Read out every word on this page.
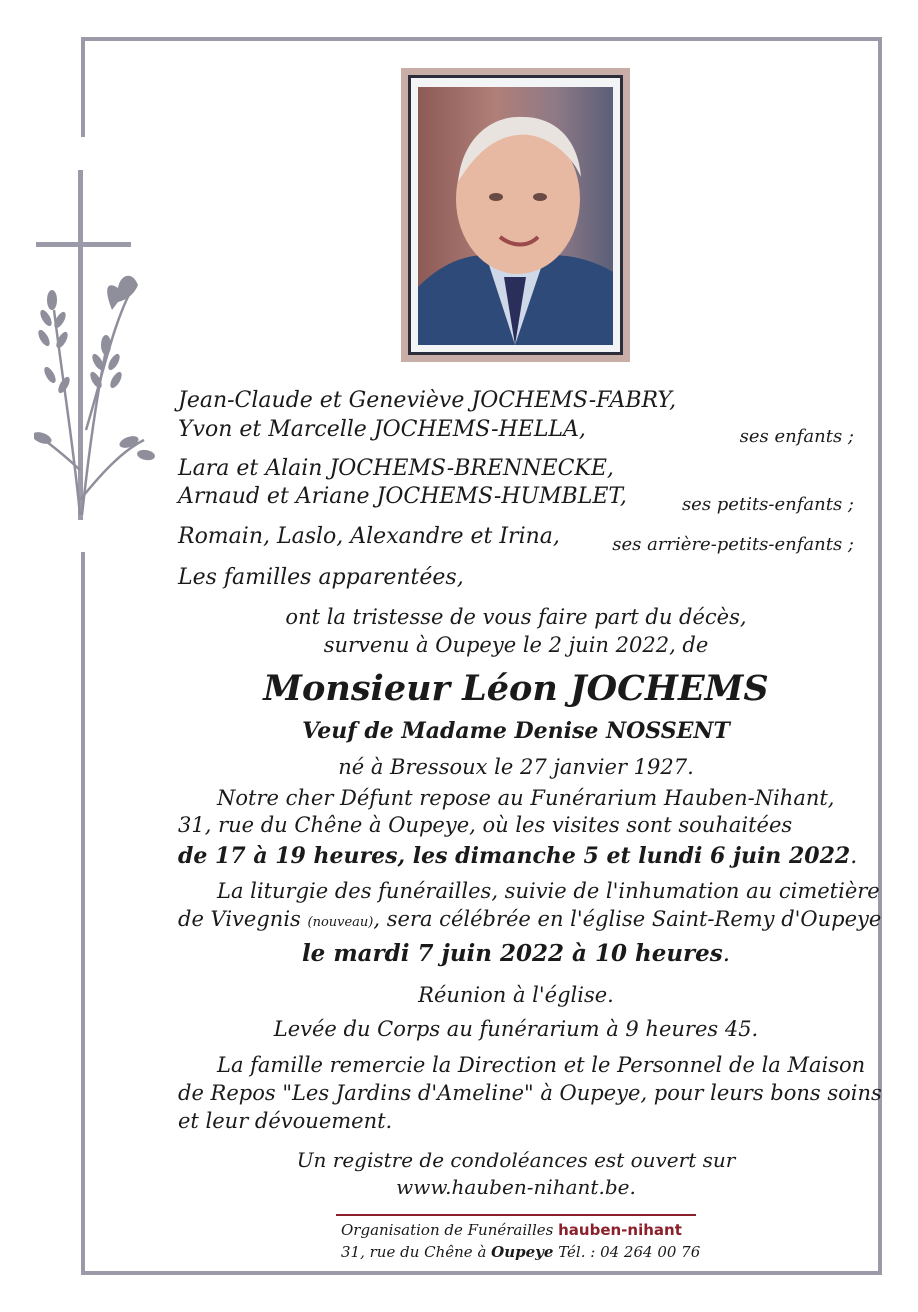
Jean-Claude et Geneviève JOCHEMS-FABRY,
Yvon et Marcelle JOCHEMS-HELLA,	ses enfants ;
Lara et Alain JOCHEMS-BRENNECKE,
Arnaud et Ariane JOCHEMS-HUMBLET,	ses petits-enfants ;
Romain, Laslo, Alexandre et Irina,	ses arrière-petits-enfants ;
Les familles apparentées,
ont la tristesse de vous faire part du décès,
survenu à Oupeye le 2 juin 2022, de
Monsieur Léon JOCHEMS
Veuf de Madame Denise NOSSENT
né à Bressoux le 27 janvier 1927.
Notre cher Défunt repose au Funérarium Hauben-Nihant,
31, rue du Chêne à Oupeye, où les visites sont souhaitées
de 17 à 19 heures, les dimanche 5 et lundi 6 juin 2022.
La liturgie des funérailles, suivie de l'inhumation au cimetière
de Vivegnis (nouveau), sera célébrée en l'église Saint-Remy d'Oupeye
le mardi 7 juin 2022 à 10 heures.
Réunion à l'église.
Levée du Corps au funérarium à 9 heures 45.
La famille remercie la Direction et le Personnel de la Maison
de Repos "Les Jardins d'Ameline" à Oupeye, pour leurs bons soins
et leur dévouement.
Un registre de condoléances est ouvert sur
www.hauben-nihant.be.
Organisation de Funérailles hauben-nihant
31, rue du Chêne à Oupeye Tél. : 04 264 00 76
